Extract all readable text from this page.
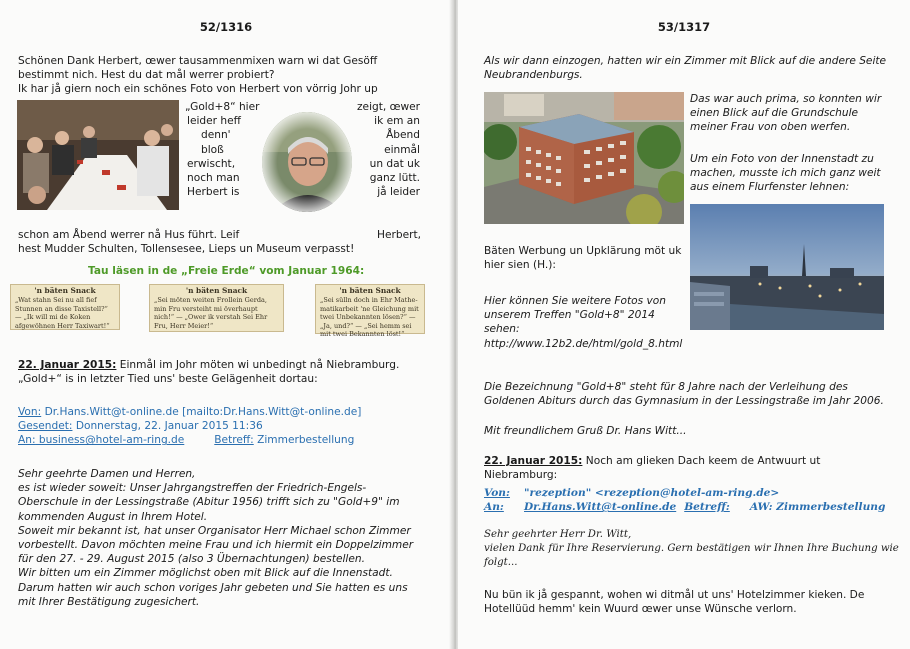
52/1316
Schönen Dank Herbert, œwer tausammenmixen warn wi dat Gesöff
bestimmt nich. Hest du dat mål werrer probiert?
Ik har jå giern noch ein schönes Foto von Herbert von vörrig Johr up
„Gold+8“ hier
leider heff
denn'
bloß
erwischt,
noch man
Herbert is
zeigt, œwer
ik em an
Åbend
einmål
un dat uk
ganz lütt.
jå leider
schon am Åbend werrer nå Hus führt. Leif	Herbert,
hest Mudder Schulten, Tollensesee, Lieps un Museum verpasst!
Tau läsen in de „Freie Erde“ vom Januar 1964:
'n bäten Snack
„Wat stahn Sei nu all fief Stunnen an disse Taxistell?“ — „Ik will mi de Koken afgewöhnen Herr Taxiwart!“
'n bäten Snack
„Sei möten weiten Frollein Gerda, min Fru versteiht mi överhaupt nich!“ — „Ower ik verstah Sei Ehr Fru, Herr Meier!“
'n bäten Snack
„Sei sülln doch in Ehr Mathematikarbeit 'ne Gleichung mit twei Unbekannten lösen?“ — „Ja, und?“ — „Sei hemm sei mit twei Bekannten löst!“
22. Januar 2015: Einmål im Johr möten wi unbedingt nå Niebramburg.
„Gold+“ is in letzter Tied uns' beste Gelägenheit dortau:
Von: Dr.Hans.Witt@t-online.de [mailto:Dr.Hans.Witt@t-online.de]
Gesendet: Donnerstag, 22. Januar 2015 11:36
An: business@hotel-am-ring.de	Betreff: Zimmerbestellung
Sehr geehrte Damen und Herren,
es ist wieder soweit: Unser Jahrgangstreffen der Friedrich-Engels-
Oberschule in der Lessingstraße (Abitur 1956) trifft sich zu "Gold+9" im
kommenden August in Ihrem Hotel.
Soweit mir bekannt ist, hat unser Organisator Herr Michael schon Zimmer
vorbestellt. Davon möchten meine Frau und ich hiermit ein Doppelzimmer
für den 27. - 29. August 2015 (also 3 Übernachtungen) bestellen.
Wir bitten um ein Zimmer möglichst oben mit Blick auf die Innenstadt.
Darum hatten wir auch schon voriges Jahr gebeten und Sie hatten es uns
mit Ihrer Bestätigung zugesichert.
53/1317
Als wir dann einzogen, hatten wir ein Zimmer mit Blick auf die andere Seite
Neubrandenburgs.
Das war auch prima, so konnten wir
einen Blick auf die Grundschule
meiner Frau von oben werfen.
Um ein Foto von der Innenstadt zu
machen, musste ich mich ganz weit
aus einem Flurfenster lehnen:
Bäten Werbung un Upklärung möt uk
hier sien (H.):
Hier können Sie weitere Fotos von
unserem Treffen "Gold+8" 2014
sehen:
http://www.12b2.de/html/gold_8.html
Die Bezeichnung "Gold+8" steht für 8 Jahre nach der Verleihung des
Goldenen Abiturs durch das Gymnasium in der Lessingstraße im Jahr 2006.
Mit freundlichem Gruß Dr. Hans Witt...
22. Januar 2015: Noch am glieken Dach keem de Antwuurt ut
Niebramburg:
Von: "rezeption" <rezeption@hotel-am-ring.de>
An: Dr.Hans.Witt@t-online.de Betreff: AW: Zimmerbestellung
Sehr geehrter Herr Dr. Witt,
vielen Dank für Ihre Reservierung. Gern bestätigen wir Ihnen Ihre Buchung wie
folgt...
Nu bün ik jå gespannt, wohen wi ditmål ut uns' Hotelzimmer kieken. De
Hotellüüd hemm' kein Wuurd œwer unse Wünsche verlorn.
